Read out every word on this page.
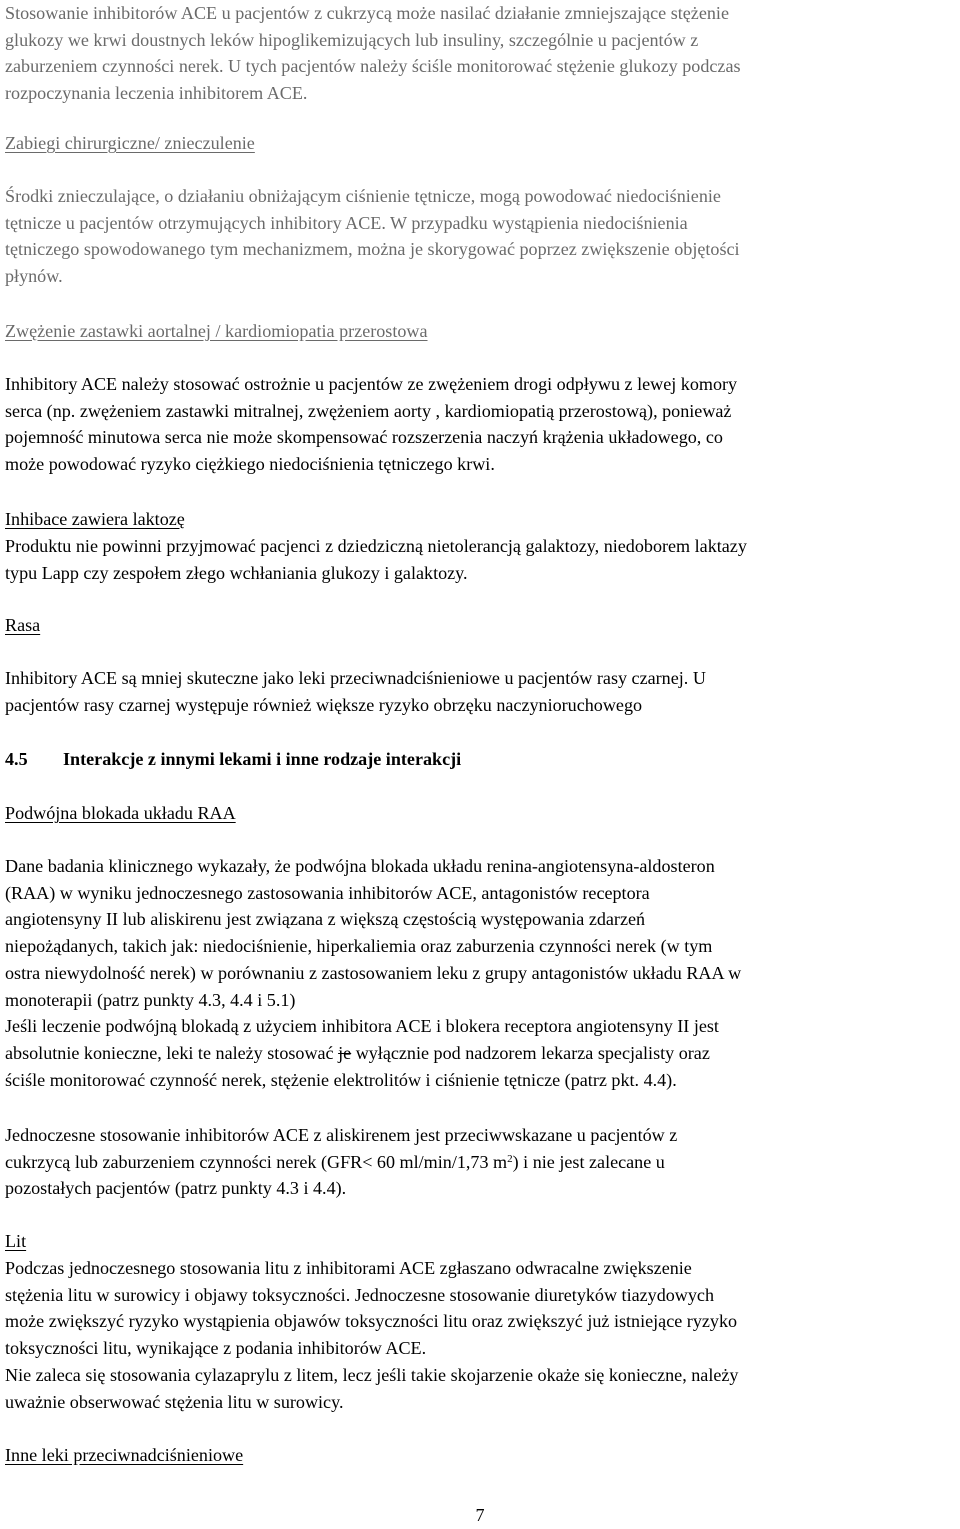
Stosowanie inhibitorów ACE u pacjentów z cukrzycą może nasilać działanie zmniejszające stężenie
glukozy we krwi doustnych leków hipoglikemizujących lub insuliny, szczególnie u pacjentów z
zaburzeniem czynności nerek. U tych pacjentów należy ściśle monitorować stężenie glukozy podczas
rozpoczynania leczenia inhibitorem ACE.
Zabiegi chirurgiczne/ znieczulenie
Środki znieczulające, o działaniu obniżającym ciśnienie tętnicze, mogą powodować niedociśnienie
tętnicze u pacjentów otrzymujących inhibitory ACE. W przypadku wystąpienia niedociśnienia
tętniczego spowodowanego tym mechanizmem, można je skorygować poprzez zwiększenie objętości
płynów.
Zwężenie zastawki aortalnej / kardiomiopatia przerostowa
Inhibitory ACE należy stosować ostrożnie u pacjentów ze zwężeniem drogi odpływu z lewej komory
serca (np. zwężeniem zastawki mitralnej, zwężeniem aorty , kardiomiopatią przerostową), ponieważ
pojemność minutowa serca nie może skompensować rozszerzenia naczyń krążenia układowego, co
może powodować ryzyko ciężkiego niedociśnienia tętniczego krwi.
Inhibace zawiera laktozę
Produktu nie powinni przyjmować pacjenci z dziedziczną nietolerancją galaktozy, niedoborem laktazy
typu Lapp czy zespołem złego wchłaniania glukozy i galaktozy.
Rasa
Inhibitory ACE są mniej skuteczne jako leki przeciwnadciśnieniowe u pacjentów rasy czarnej. U
pacjentów rasy czarnej występuje również większe ryzyko obrzęku naczynioruchowego
4.5 Interakcje z innymi lekami i inne rodzaje interakcji
Podwójna blokada układu RAA
Dane badania klinicznego wykazały, że podwójna blokada układu renina-angiotensyna-aldosteron
(RAA) w wyniku jednoczesnego zastosowania inhibitorów ACE, antagonistów receptora
angiotensyny II lub aliskirenu jest związana z większą częstością występowania zdarzeń
niepożądanych, takich jak: niedociśnienie, hiperkaliemia oraz zaburzenia czynności nerek (w tym
ostra niewydolność nerek) w porównaniu z zastosowaniem leku z grupy antagonistów układu RAA w
monoterapii (patrz punkty 4.3, 4.4 i 5.1)
Jeśli leczenie podwójną blokadą z użyciem inhibitora ACE i blokera receptora angiotensyny II jest
absolutnie konieczne, leki te należy stosować je wyłącznie pod nadzorem lekarza specjalisty oraz
ściśle monitorować czynność nerek, stężenie elektrolitów i ciśnienie tętnicze (patrz pkt. 4.4).
Jednoczesne stosowanie inhibitorów ACE z aliskirenem jest przeciwwskazane u pacjentów z
cukrzycą lub zaburzeniem czynności nerek (GFR< 60 ml/min/1,73 $m^2$) i nie jest zalecane u
pozostałych pacjentów (patrz punkty 4.3 i 4.4).
Lit
Podczas jednoczesnego stosowania litu z inhibitorami ACE zgłaszano odwracalne zwiększenie
stężenia litu w surowicy i objawy toksyczności. Jednoczesne stosowanie diuretyków tiazydowych
może zwiększyć ryzyko wystąpienia objawów toksyczności litu oraz zwiększyć już istniejące ryzyko
toksyczności litu, wynikające z podania inhibitorów ACE.
Nie zaleca się stosowania cylazaprylu z litem, lecz jeśli takie skojarzenie okaże się konieczne, należy
uważnie obserwować stężenia litu w surowicy.
Inne leki przeciwnadciśnieniowe
7
